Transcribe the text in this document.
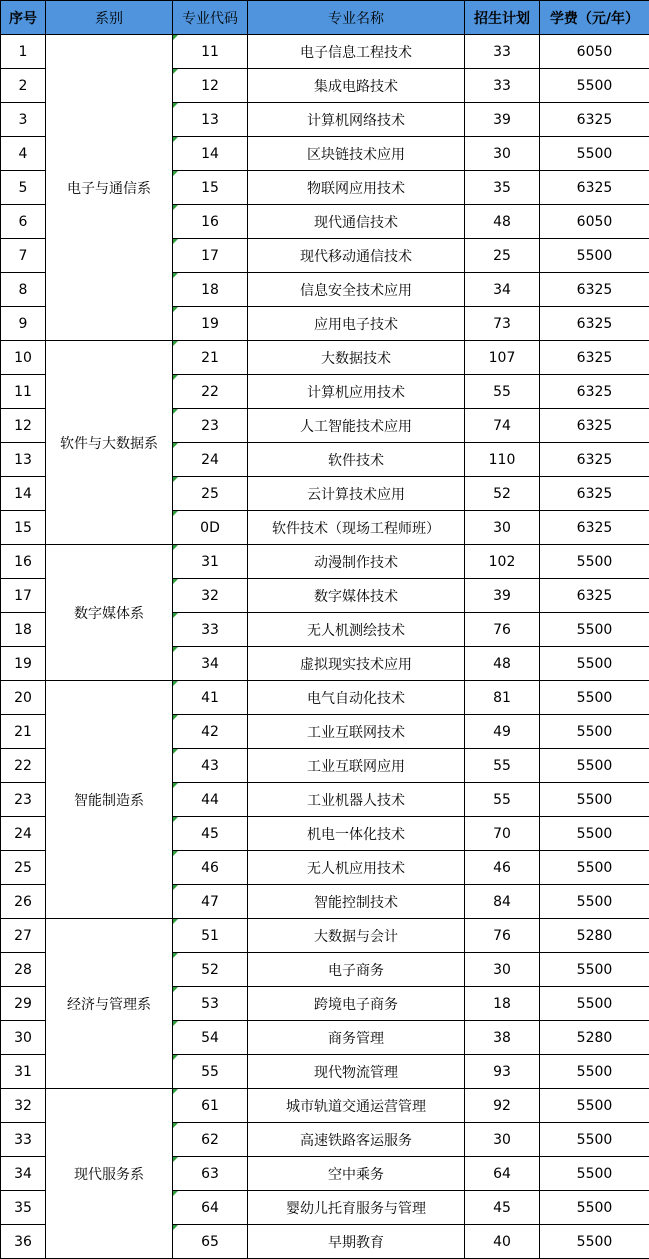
序号	系别	专业代码	专业名称	招生计划	学费（元/年）
1	电子与通信系	11	电子信息工程技术	33	6050
2		12	集成电路技术	33	5500
3		13	计算机网络技术	39	6325
4		14	区块链技术应用	30	5500
5		15	物联网应用技术	35	6325
6		16	现代通信技术	48	6050
7		17	现代移动通信技术	25	5500
8		18	信息安全技术应用	34	6325
9		19	应用电子技术	73	6325
10	软件与大数据系	21	大数据技术	107	6325
11		22	计算机应用技术	55	6325
12		23	人工智能技术应用	74	6325
13		24	软件技术	110	6325
14		25	云计算技术应用	52	6325
15		0D	软件技术（现场工程师班）	30	6325
16	数字媒体系	31	动漫制作技术	102	5500
17		32	数字媒体技术	39	6325
18		33	无人机测绘技术	76	5500
19		34	虚拟现实技术应用	48	5500
20	智能制造系	41	电气自动化技术	81	5500
21		42	工业互联网技术	49	5500
22		43	工业互联网应用	55	5500
23		44	工业机器人技术	55	5500
24		45	机电一体化技术	70	5500
25		46	无人机应用技术	46	5500
26		47	智能控制技术	84	5500
27	经济与管理系	51	大数据与会计	76	5280
28		52	电子商务	30	5500
29		53	跨境电子商务	18	5500
30		54	商务管理	38	5280
31		55	现代物流管理	93	5500
32	现代服务系	61	城市轨道交通运营管理	92	5500
33		62	高速铁路客运服务	30	5500
34		63	空中乘务	64	5500
35		64	婴幼儿托育服务与管理	45	5500
36		65	早期教育	40	5500
